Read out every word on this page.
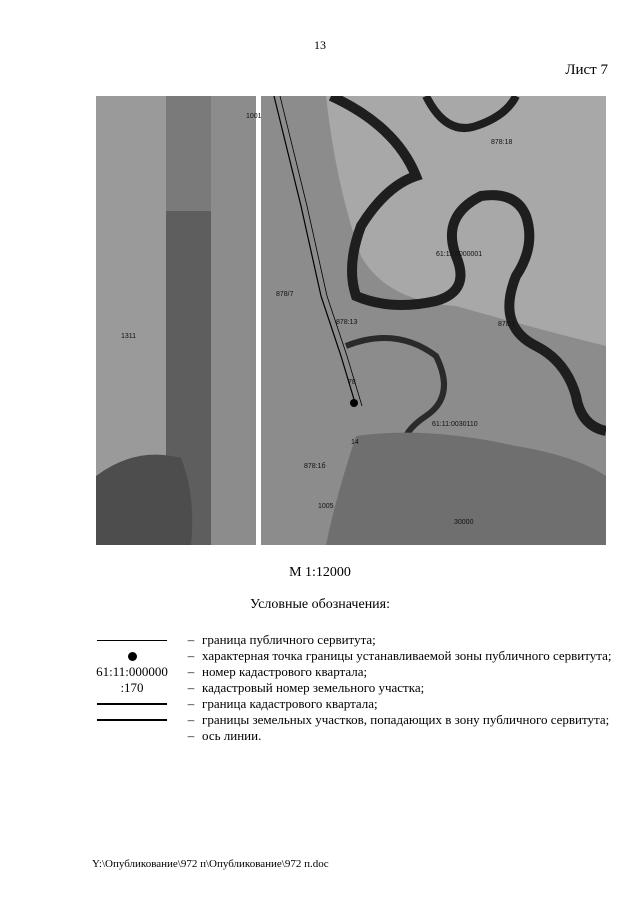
13
Лист 7
1001
878:18
61:11:0000001
1311
878/7
878:13	878:1
78
61:11:0030110
14
878:1б
1005
30000
М 1:12000
Условные обозначения:
– граница публичного сервитута;
– характерная точка границы устанавливаемой зоны публичного сервитута;
61:11:000000	– номер кадастрового квартала;
:170	– кадастровый номер земельного участка;
– граница кадастрового квартала;
– границы земельных участков, попадающих в зону публичного сервитута;
– ось линии.
Y:\Опубликование\972 п\Опубликование\972 п.doc
